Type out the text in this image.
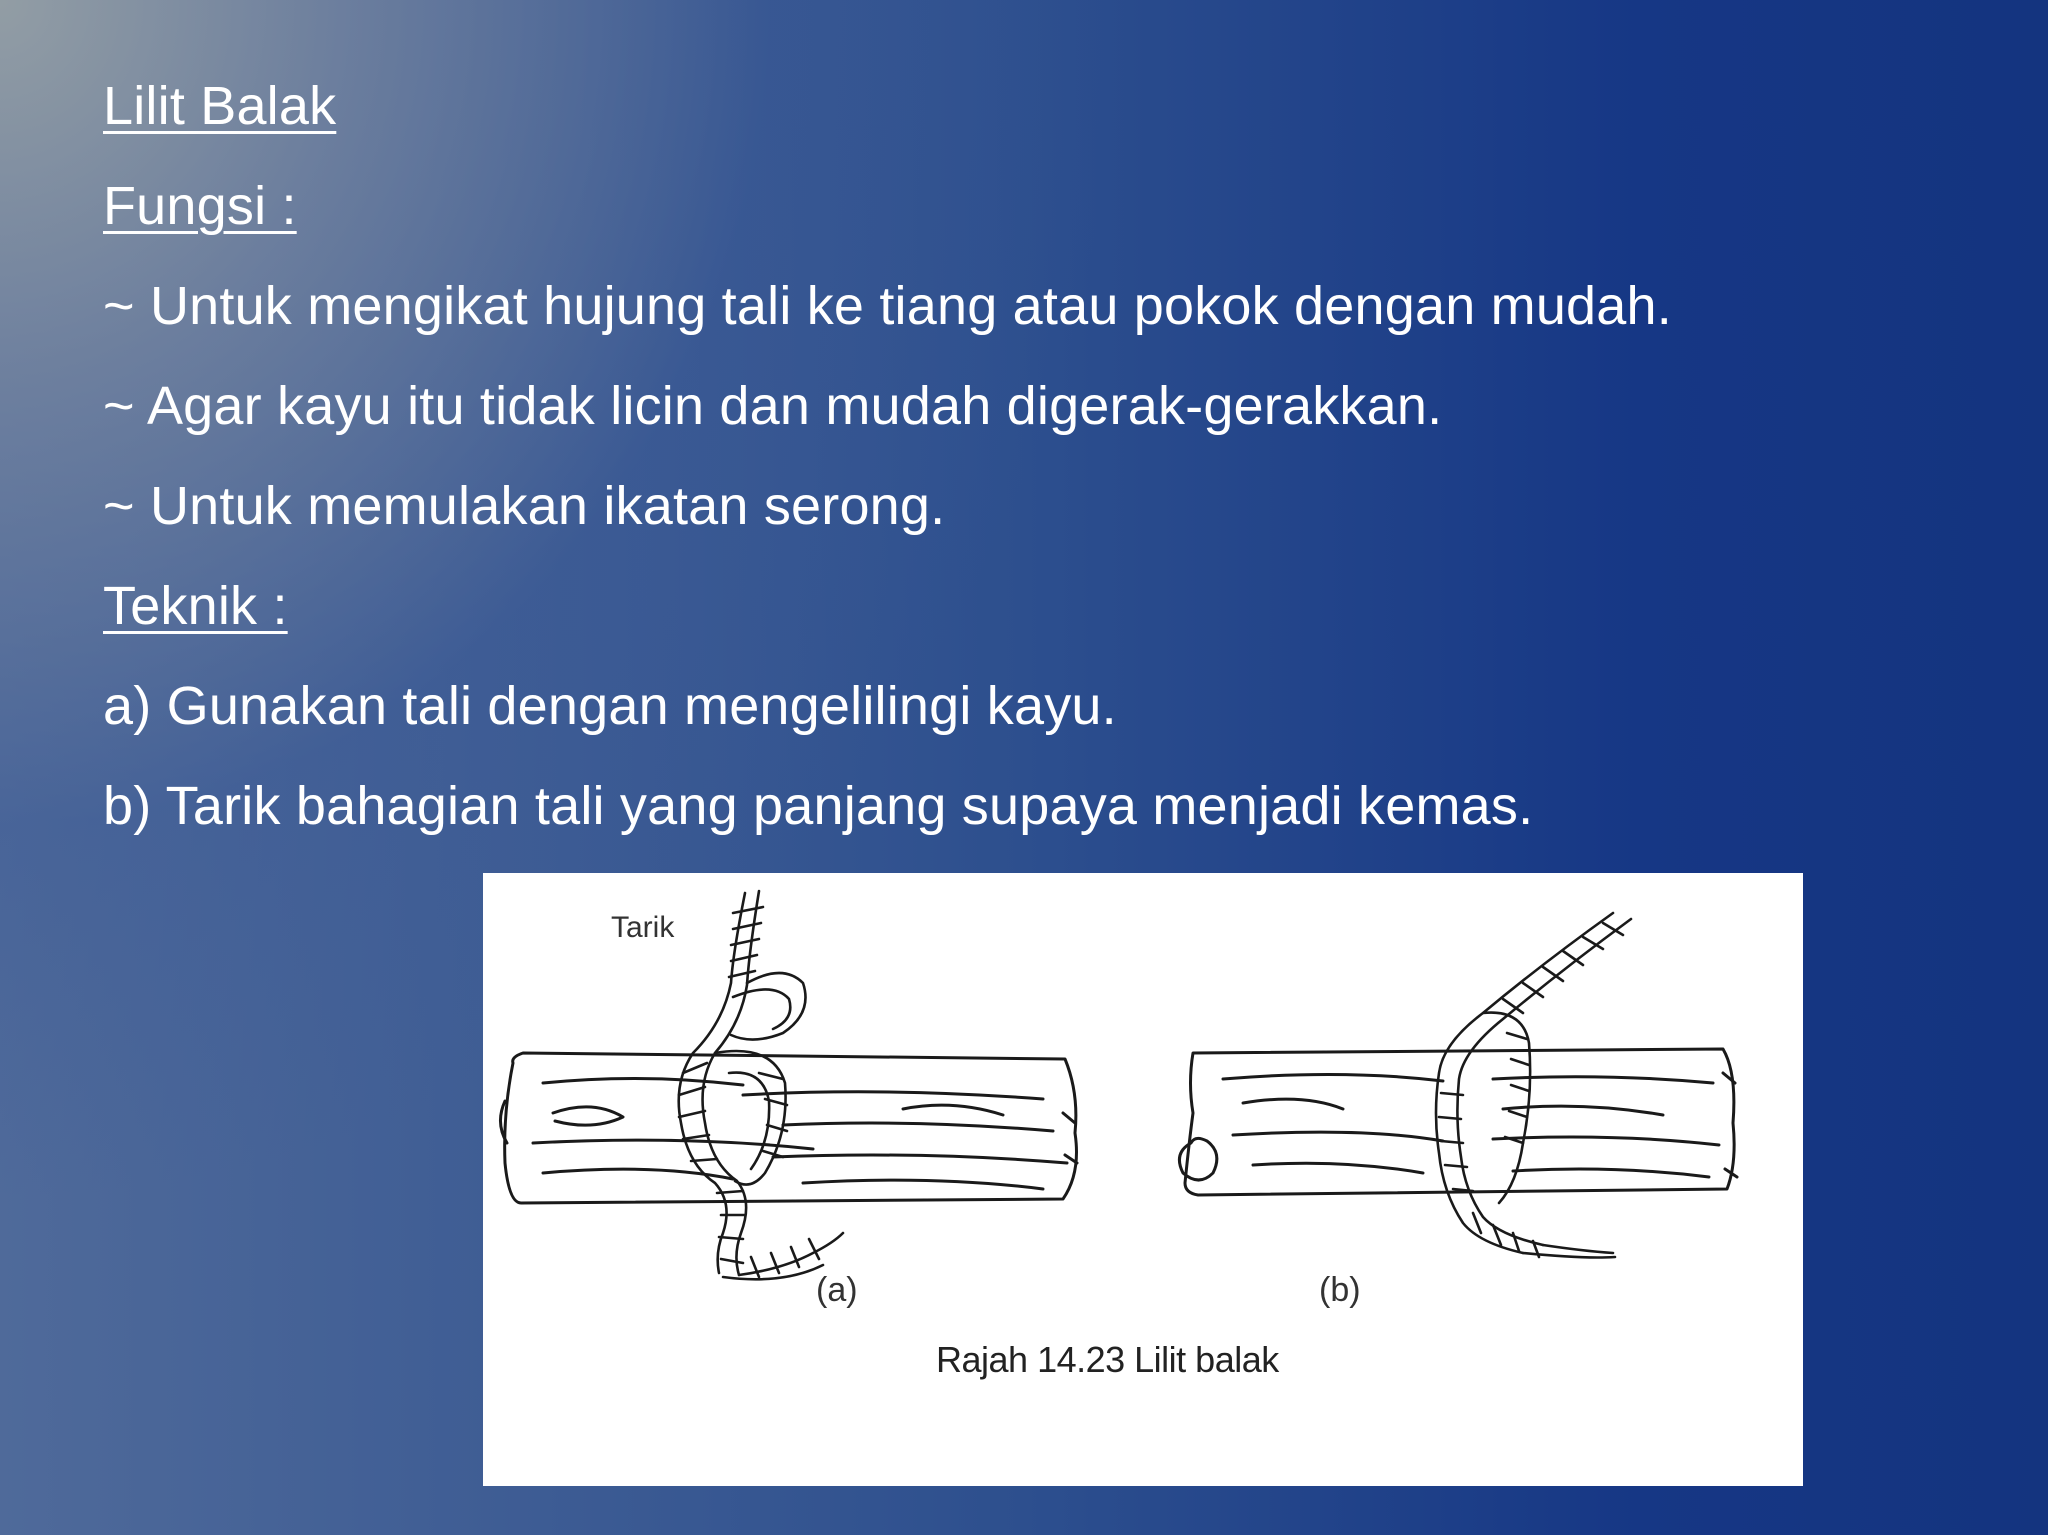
Lilit Balak
Fungsi :
~ Untuk mengikat hujung tali ke tiang atau pokok dengan mudah.
~ Agar kayu itu tidak licin dan mudah digerak-gerakkan.
~ Untuk memulakan ikatan serong.
Teknik :
a) Gunakan tali dengan mengelilingi kayu.
b) Tarik bahagian tali yang panjang supaya menjadi kemas.
Tarik
(a)	(b)
Rajah 14.23 Lilit balak
